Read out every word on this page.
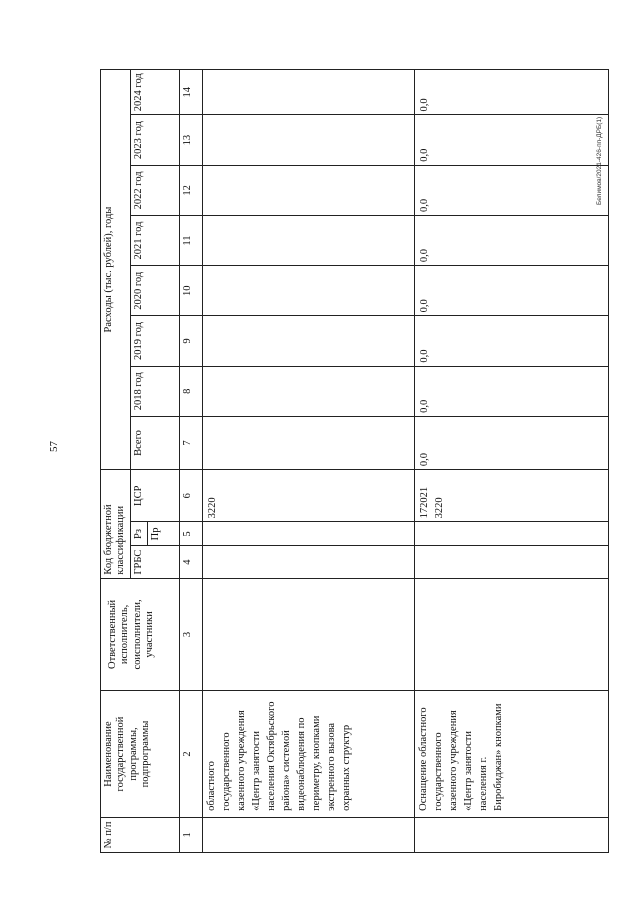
57
Белимов/2021-426-пп-ДРБ(1)
№ п/п	Наименование государственной программы, подпрограммы	Ответственный исполнитель, соисполнители, участники	Код бюджетной классификации			Расходы (тыс. рублей), годы							
			ГРБС	Рз	ЦСР	Всего	2018 год	2019 год	2020 год	2021 год	2022 год	2023 год	2024 год
				Пр									
1	2	3	4	5	6	7	8	9	10	11	12	13	14
	областного государственного казенного учреждения «Центр занятости населения Октябрьского района» системой видеонаблюдения по периметру, кнопками экстренного вызова охранных структур				3220								
	Оснащение областного государственного казенного учреждения «Центр занятости населения г. Биробиджан» кнопками				172021 3220	0,0	0,0	0,0	0,0	0,0	0,0	0,0	0,0
